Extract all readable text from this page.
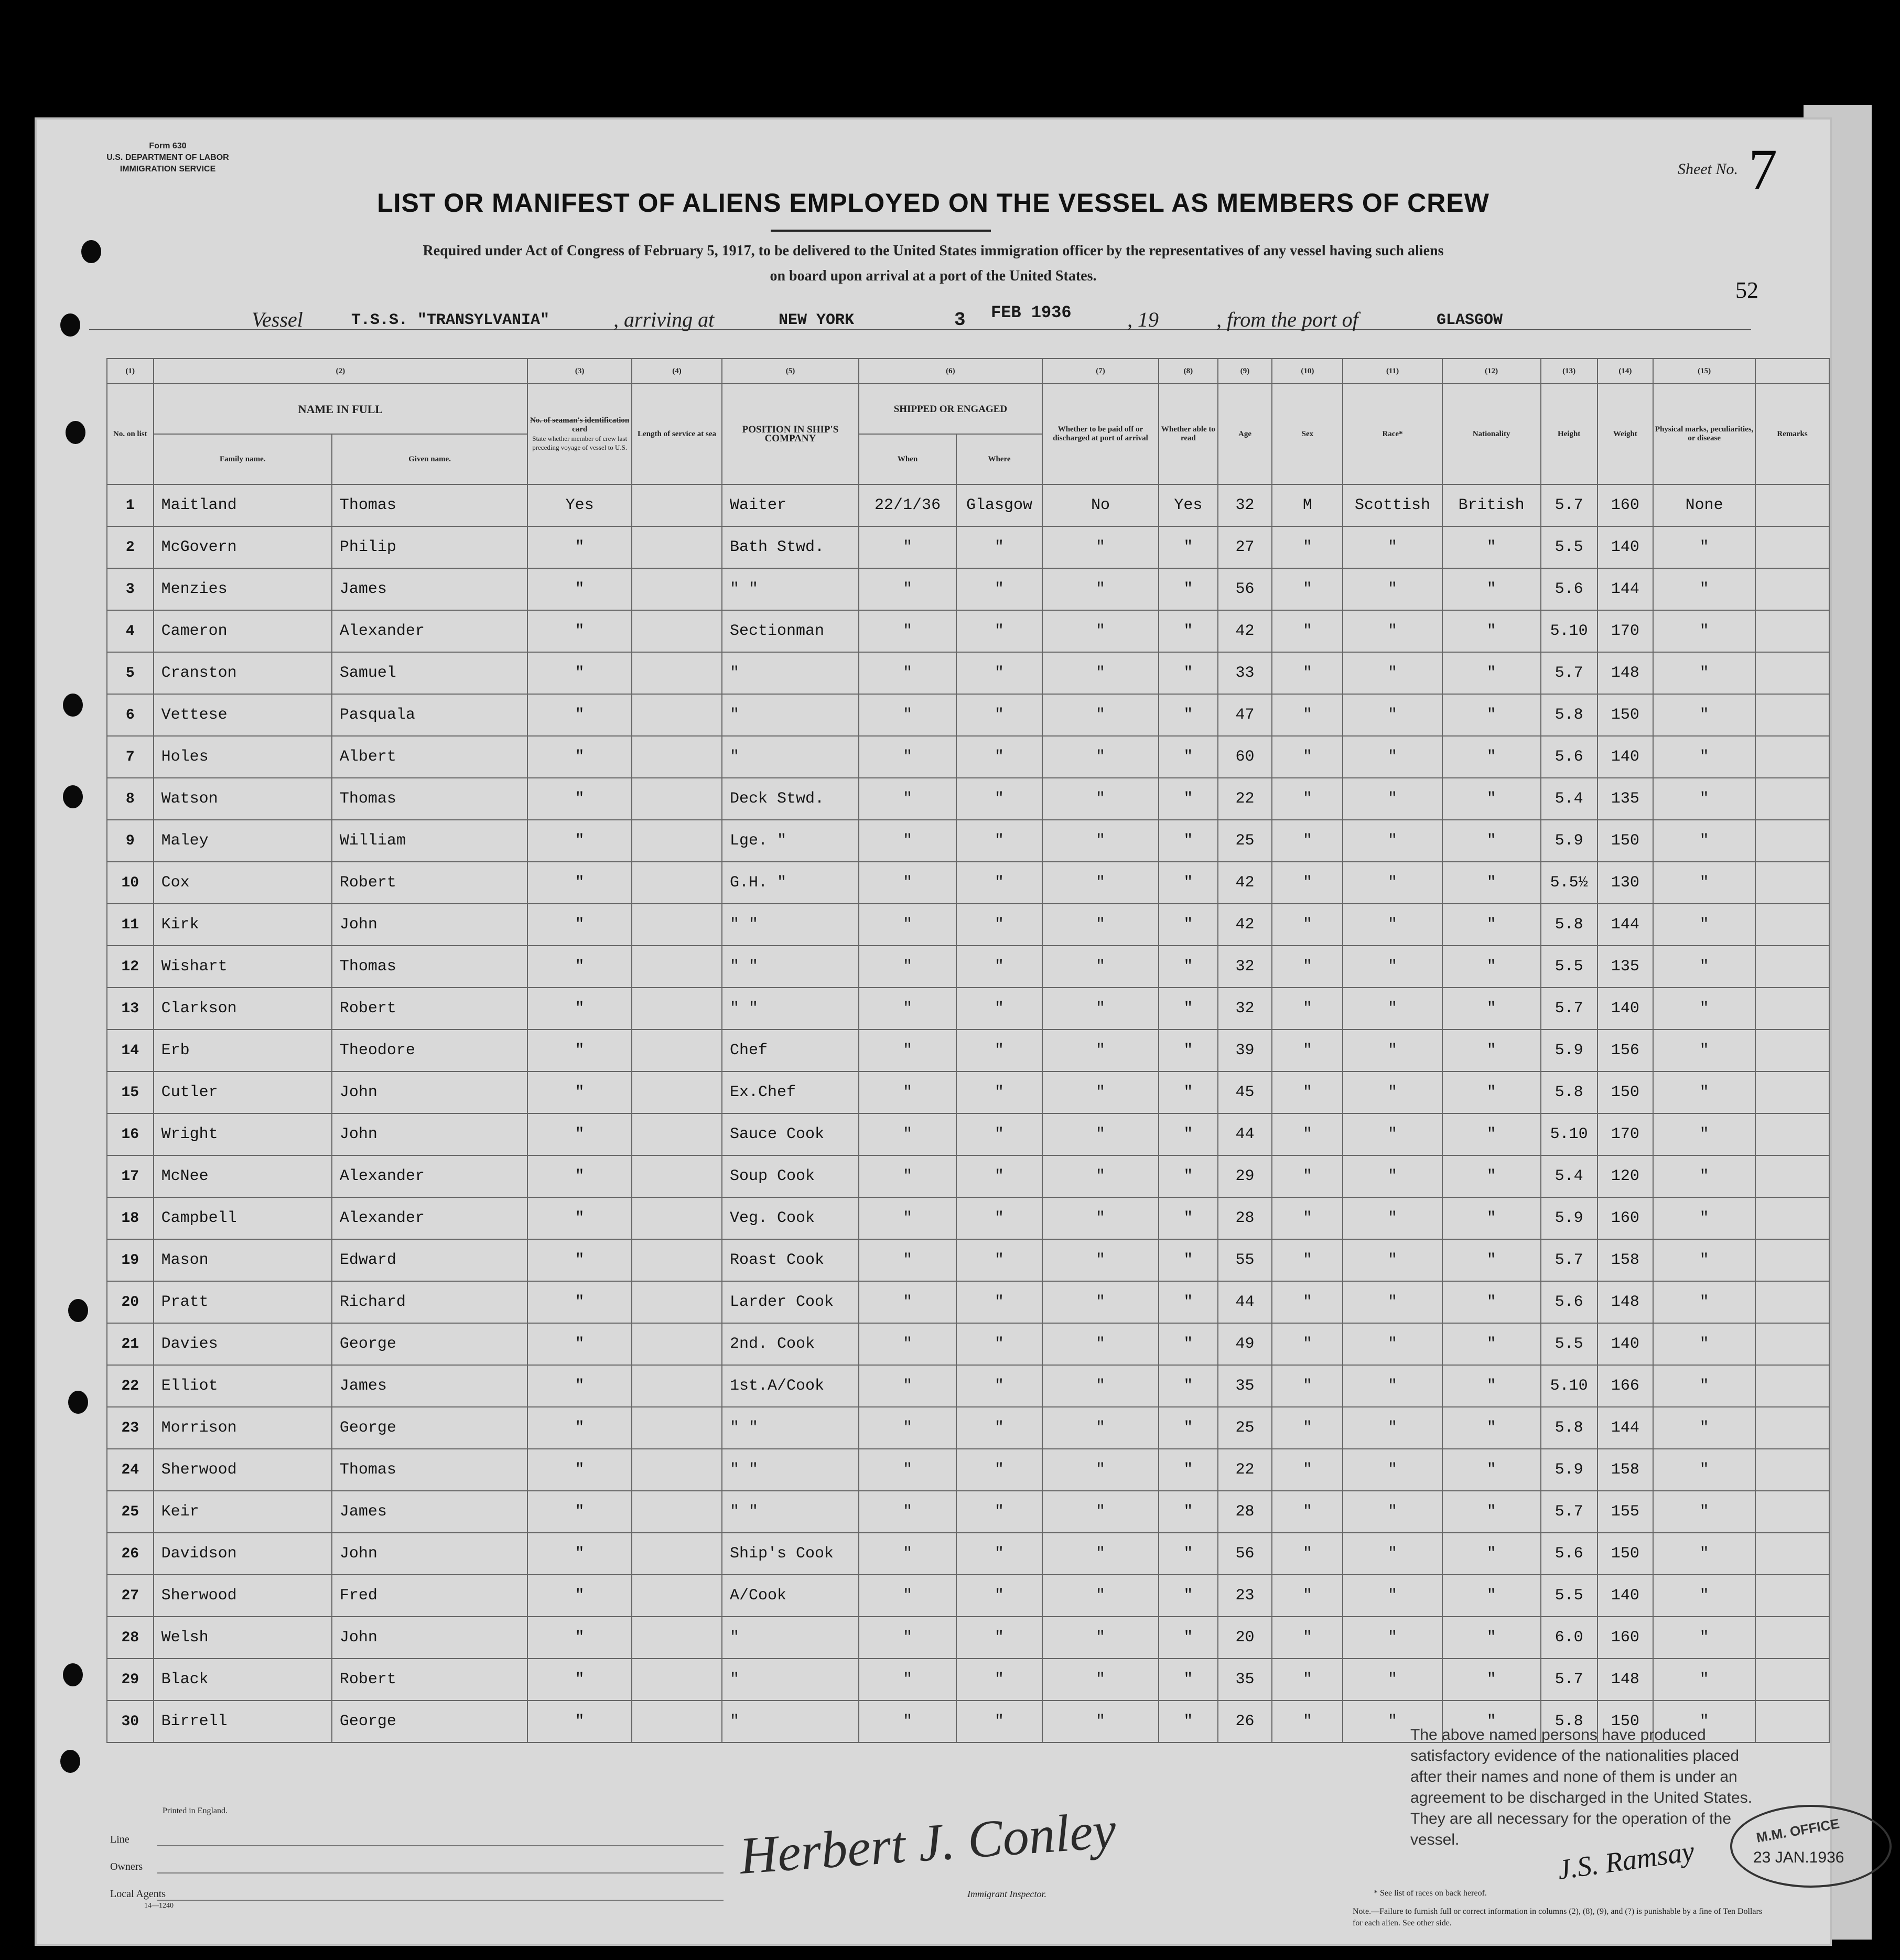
Form 630
U.S. DEPARTMENT OF LABOR
IMMIGRATION SERVICE	Sheet No. 7
52
LIST OR MANIFEST OF ALIENS EMPLOYED ON THE VESSEL AS MEMBERS OF CREW
Required under Act of Congress of February 5, 1917, to be delivered to the United States immigration officer by the representatives of any vessel having such aliens
on board upon arrival at a port of the United States.
Vessel	T.S.S. "TRANSYLVANIA"	, arriving at	NEW YORK	3 FEB 1936	, 19	, from the port of	GLASGOW
(1)	(2)		(3)	(4)	(5)	(6)		(7)	(8)	(9)	(10)	(11)	(12)	(13)	(14)	(15)	
No. on list	NAME IN FULL		No. of seaman's identification card
State whether member of crew last preceding voyage of vessel to U.S.	Length of service at sea	POSITION IN SHIP'S COMPANY	SHIPPED OR ENGAGED		Whether to be paid off or discharged at port of arrival	Whether able to read	Age	Sex	Race*	Nationality	Height	Weight	Physical marks, peculiarities, or disease	Remarks
	Family name.	Given name.				When	Where										
1	Maitland	Thomas	Yes		Waiter	22/1/36	Glasgow	No	Yes	32	M	Scottish	British	5.7	160	None	
2	McGovern	Philip	"		Bath Stwd.	"	"	"	"	27	"	"	"	5.5	140	"	
3	Menzies	James	"		" "	"	"	"	"	56	"	"	"	5.6	144	"	
4	Cameron	Alexander	"		Sectionman	"	"	"	"	42	"	"	"	5.10	170	"	
5	Cranston	Samuel	"		"	"	"	"	"	33	"	"	"	5.7	148	"	
6	Vettese	Pasquala	"		"	"	"	"	"	47	"	"	"	5.8	150	"	
7	Holes	Albert	"		"	"	"	"	"	60	"	"	"	5.6	140	"	
8	Watson	Thomas	"		Deck Stwd.	"	"	"	"	22	"	"	"	5.4	135	"	
9	Maley	William	"		Lge. "	"	"	"	"	25	"	"	"	5.9	150	"	
10	Cox	Robert	"		G.H. "	"	"	"	"	42	"	"	"	5.5½	130	"	
11	Kirk	John	"		" "	"	"	"	"	42	"	"	"	5.8	144	"	
12	Wishart	Thomas	"		" "	"	"	"	"	32	"	"	"	5.5	135	"	
13	Clarkson	Robert	"		" "	"	"	"	"	32	"	"	"	5.7	140	"	
14	Erb	Theodore	"		Chef	"	"	"	"	39	"	"	"	5.9	156	"	
15	Cutler	John	"		Ex.Chef	"	"	"	"	45	"	"	"	5.8	150	"	
16	Wright	John	"		Sauce Cook	"	"	"	"	44	"	"	"	5.10	170	"	
17	McNee	Alexander	"		Soup Cook	"	"	"	"	29	"	"	"	5.4	120	"	
18	Campbell	Alexander	"		Veg. Cook	"	"	"	"	28	"	"	"	5.9	160	"	
19	Mason	Edward	"		Roast Cook	"	"	"	"	55	"	"	"	5.7	158	"	
20	Pratt	Richard	"		Larder Cook	"	"	"	"	44	"	"	"	5.6	148	"	
21	Davies	George	"		2nd. Cook	"	"	"	"	49	"	"	"	5.5	140	"	
22	Elliot	James	"		1st.A/Cook	"	"	"	"	35	"	"	"	5.10	166	"	
23	Morrison	George	"		" "	"	"	"	"	25	"	"	"	5.8	144	"	
24	Sherwood	Thomas	"		" "	"	"	"	"	22	"	"	"	5.9	158	"	
25	Keir	James	"		" "	"	"	"	"	28	"	"	"	5.7	155	"	
26	Davidson	John	"		Ship's Cook	"	"	"	"	56	"	"	"	5.6	150	"	
27	Sherwood	Fred	"		A/Cook	"	"	"	"	23	"	"	"	5.5	140	"	
28	Welsh	John	"		"	"	"	"	"	20	"	"	"	6.0	160	"	
29	Black	Robert	"		"	"	"	"	"	35	"	"	"	5.7	148	"	
30	Birrell	George	"		"	"	"	"	"	26	"	"	"	5.8	150	"	
Printed in England.
Line
Owners
Local Agents
14—1240
Herbert J. Conley
Immigrant Inspector.
The above named persons have produced satisfactory evidence of the nationalities placed after their names and none of them is under an agreement to be discharged in the United States. They are all necessary for the operation of the vessel.	J.S. Ramsay
M.M. OFFICE
23 JAN.1936
* See list of races on back hereof.
Note.—Failure to furnish full or correct information in columns (2), (8), (9), and (?) is punishable by a fine of Ten Dollars for each alien. See other side.
